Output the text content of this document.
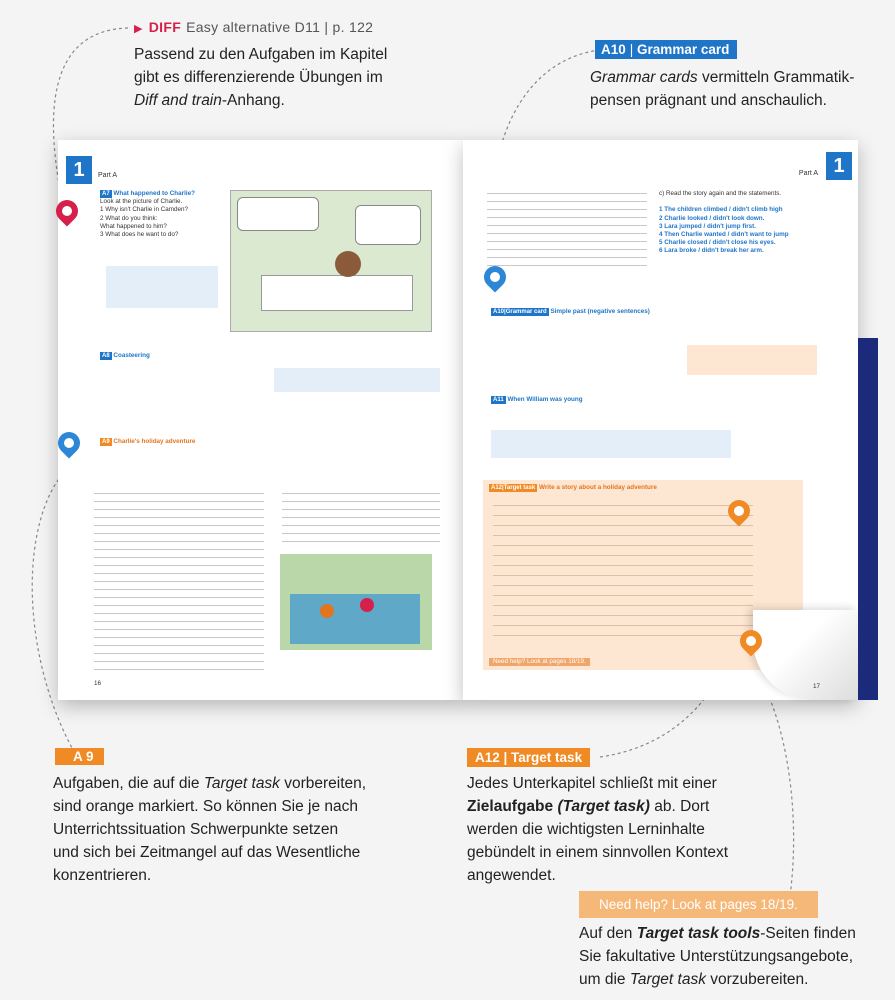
▶ DIFF Easy alternative D11 | p. 122
Passend zu den Aufgaben im Kapitel
gibt es differenzierende Übungen im
Diff and train-Anhang.
A10 | Grammar card
Grammar cards vermitteln Grammatik-
pensen prägnant und anschaulich.
1	Part A
A7 What happened to Charlie?
Look at the picture of Charlie.
1 Why isn't Charlie in Camden?
2 What do you think:
What happened to him?
3 What does he want to do?
A8 Coasteering
A9 Charlie's holiday adventure
16
1
Part A
c) Read the story again and the statements.

1 The children climbed / didn't climb high
2 Charlie looked / didn't look down.
3 Lara jumped / didn't jump first.
4 Then Charlie wanted / didn't want to jump
5 Charlie closed / didn't close his eyes.
6 Lara broke / didn't break her arm.
A10|Grammar card Simple past (negative sentences)
A11 When William was young
A12|Target task Write a story about a holiday adventure
Need help? Look at pages 18/19.
17
A 9
Aufgaben, die auf die Target task vorbereiten,
sind orange markiert. So können Sie je nach
Unterrichtssituation Schwerpunkte setzen
und sich bei Zeitmangel auf das Wesentliche
konzentrieren.
A12 | Target task
Jedes Unterkapitel schließt mit einer
Zielaufgabe (Target task) ab. Dort
werden die wichtigsten Lerninhalte
gebündelt in einem sinnvollen Kontext
angewendet.
Need help? Look at pages 18/19.
Auf den Target task tools-Seiten finden
Sie fakultative Unterstützungsangebote,
um die Target task vorzubereiten.
